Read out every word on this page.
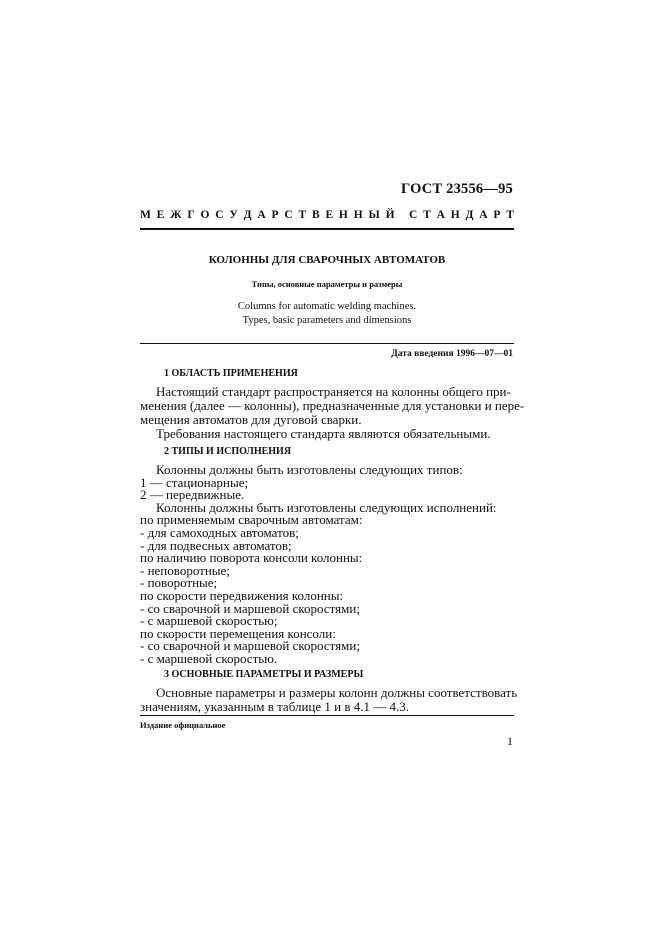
ГОСТ 23556—95
М Е Ж Г О С У Д А Р С Т В Е Н Н Ы Й
С Т А Н Д А Р Т
КОЛОННЫ ДЛЯ СВАРОЧНЫХ АВТОМАТОВ
Типы, основные параметры и размеры
Columns for automatic welding machines.
Types, basic parameters and dimensions
Дата введения 1996—07—01
1 ОБЛАСТЬ ПРИМЕНЕНИЯ
Настоящий стандарт распространяется на колонны общего при-
менения (далее — колонны), предназначенные для установки и пере-
мещения автоматов для дуговой сварки.
Требования настоящего стандарта являются обязательными.
2 ТИПЫ И ИСПОЛНЕНИЯ
Колонны должны быть изготовлены следующих типов:
1 — стационарные;
2 — передвижные.
Колонны должны быть изготовлены следующих исполнений:
по применяемым сварочным автоматам:
- для самоходных автоматов;
- для подвесных автоматов;
по наличию поворота консоли колонны:
- неповоротные;
- поворотные;
по скорости передвижения колонны:
- со сварочной и маршевой скоростями;
- с маршевой скоростью;
по скорости перемещения консоли:
- со сварочной и маршевой скоростями;
- с маршевой скоростью.
3 ОСНОВНЫЕ ПАРАМЕТРЫ И РАЗМЕРЫ
Основные параметры и размеры колонн должны соответствовать
значениям, указанным в таблице 1 и в 4.1 — 4.3.
Издание официальное
1
